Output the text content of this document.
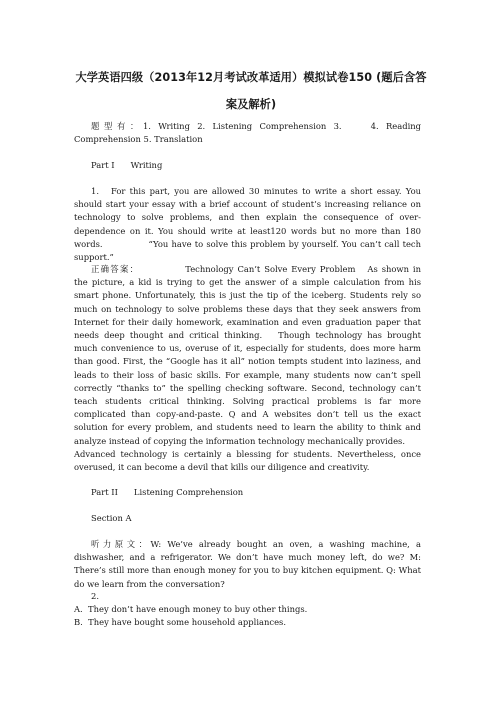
大学英语四级（2013年12月考试改革适用）模拟试卷150 (题后含答案及解析)
题型有：1. Writing 2. Listening Comprehension 3.    4. Reading Comprehension 5. Translation
Part I Writing
1. For this part, you are allowed 30 minutes to write a short essay. You should start your essay with a brief account of student’s increasing reliance on technology to solve problems, and then explain the consequence of over-dependence on it. You should write at least120 words but no more than 180 words.	“You have to solve this problem by yourself. You can’t call tech support.”
正确答案：	Technology Can’t Solve Every Problem As shown in the picture, a kid is trying to get the answer of a simple calculation from his smart phone. Unfortunately, this is just the tip of the iceberg. Students rely so much on technology to solve problems these days that they seek answers from Internet for their daily homework, examination and even graduation paper that needs deep thought and critical thinking. Though technology has brought much convenience to us, overuse of it, especially for students, does more harm than good. First, the “Google has it all” notion tempts student into laziness, and leads to their loss of basic skills. For example, many students now can’t spell correctly “thanks to” the spelling checking software. Second, technology can’t teach students critical thinking. Solving practical problems is far more complicated than copy-and-paste. Q and A websites don’t tell us the exact solution for every problem, and students need to learn the ability to think and analyze instead of copying the information technology mechanically provides.Advanced technology is certainly a blessing for students. Nevertheless, once overused, it can become a devil that kills our diligence and creativity.
Part II Listening Comprehension
Section A
听力原文：W: We’ve already bought an oven, a washing machine, a dishwasher, and a refrigerator. We don’t have much money left, do we? M: There’s still more than enough money for you to buy kitchen equipment. Q: What do we learn from the conversation?
2.
A. They don’t have enough money to buy other things.
B. They have bought some household appliances.
